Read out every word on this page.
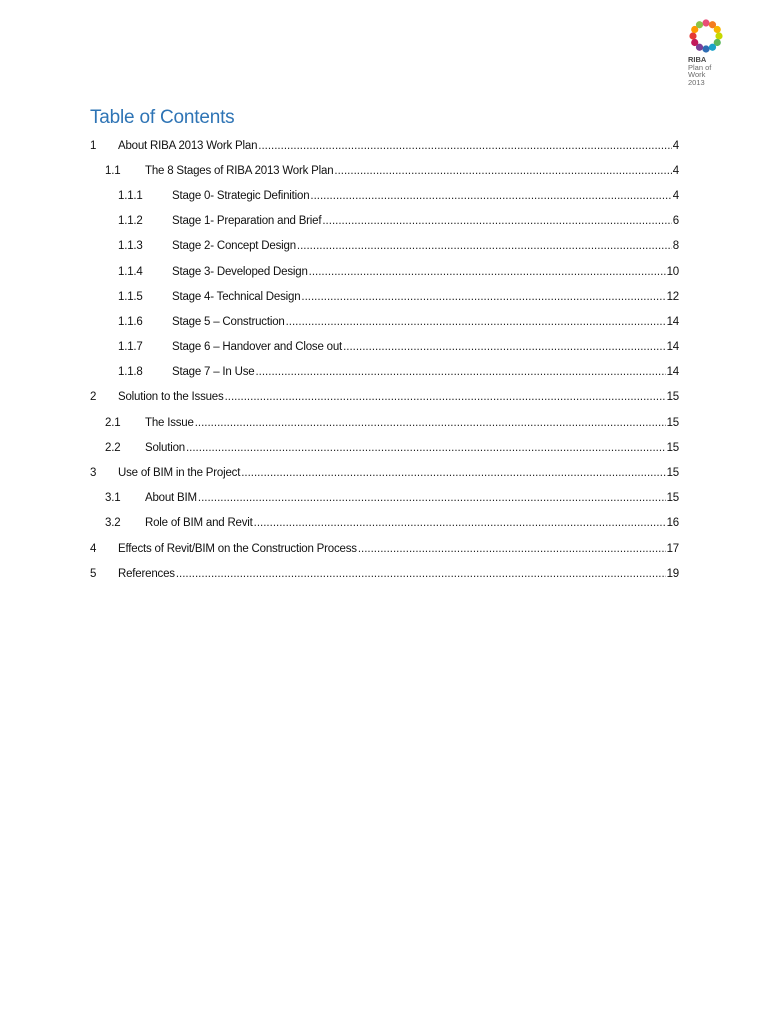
RIBA
Plan of
Work
2013
Table of Contents
1 About RIBA 2013 Work Plan .....	4
1.1 The 8 Stages of RIBA 2013 Work Plan .....	4
1.1.1	Stage 0- Strategic Definition .....	4
1.1.2	Stage 1- Preparation and Brief .....	6
1.1.3	Stage 2- Concept Design .....	8
1.1.4	Stage 3- Developed Design .....	10
1.1.5	Stage 4- Technical Design .....	12
1.1.6	Stage 5 – Construction .....	14
1.1.7	Stage 6 – Handover and Close out .....	14
1.1.8	Stage 7 – In Use .....	14
2 Solution to the Issues .....	15
2.1 The Issue .....	15
2.2 Solution .....	15
3 Use of BIM in the Project .....	15
3.1 About BIM .....	15
3.2 Role of BIM and Revit .....	16
4 Effects of Revit/BIM on the Construction Process .....	17
5 References .....	19
